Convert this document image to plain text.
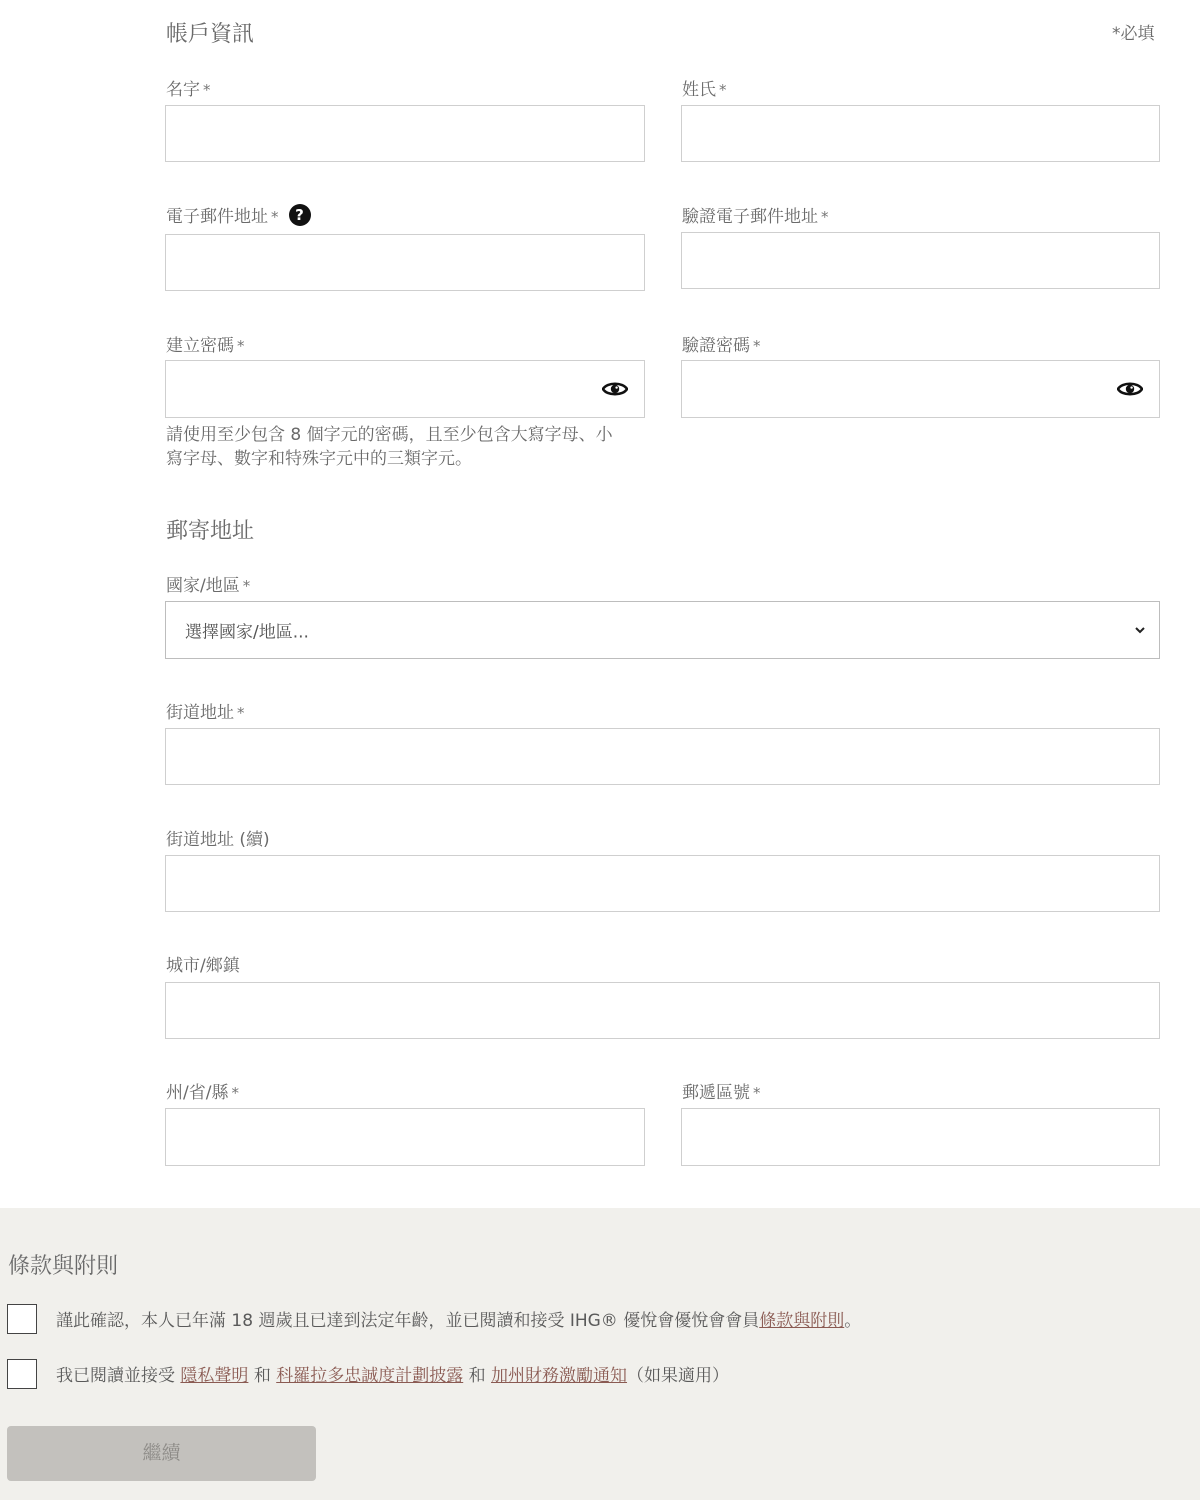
帳戶資訊	*必填
名字 *	姓氏 *
電子郵件地址 * ?	驗證電子郵件地址 *
建立密碼 *	驗證密碼 *
請使用至少包含 8 個字元的密碼，且至少包含大寫字母、小寫字母、數字和特殊字元中的三類字元。
郵寄地址
國家/地區 *
選擇國家/地區...
街道地址 *
街道地址 (續)
城市/鄉鎮
州/省/縣 *	郵遞區號 *
條款與附則
謹此確認，本人已年滿 18 週歲且已達到法定年齡，並已閱讀和接受 IHG® 優悅會優悅會會員條款與附則。
我已閱讀並接受 隱私聲明 和 科羅拉多忠誠度計劃披露 和 加州財務激勵通知（如果適用）
繼續
